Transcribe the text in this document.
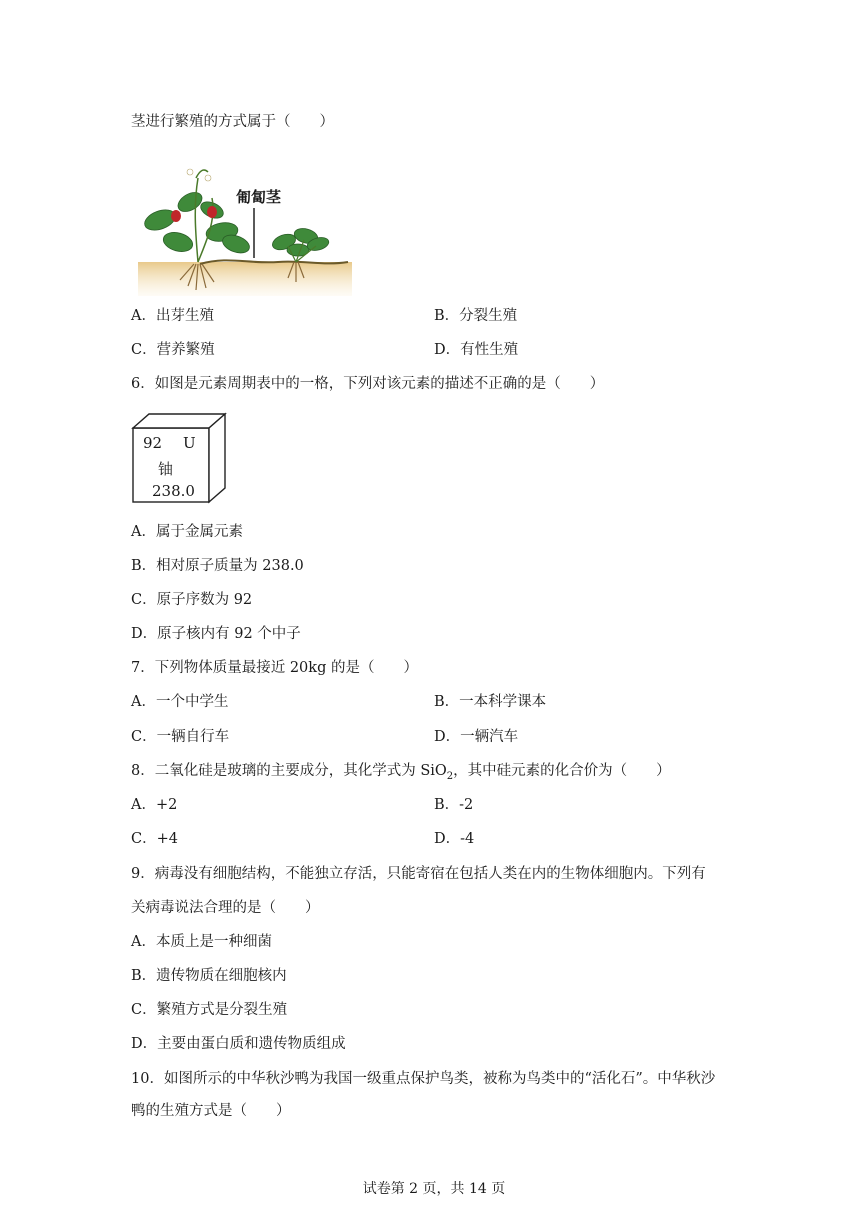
茎进行繁殖的方式属于（　　）
匍匐茎
A．出芽生殖	B．分裂生殖
C．营养繁殖	D．有性生殖
6．如图是元素周期表中的一格，下列对该元素的描述不正确的是（　　）
92 U
铀
238.0
A．属于金属元素
B．相对原子质量为 238.0
C．原子序数为 92
D．原子核内有 92 个中子
7．下列物体质量最接近 20kg 的是（　　）
A．一个中学生	B．一本科学课本
C．一辆自行车	D．一辆汽车
8．二氧化硅是玻璃的主要成分，其化学式为 SiO$_2$，其中硅元素的化合价为（　　）
A．+2	B．-2
C．+4	D．-4
9．病毒没有细胞结构，不能独立存活，只能寄宿在包括人类在内的生物体细胞内。下列有
关病毒说法合理的是（　　）
A．本质上是一种细菌
B．遗传物质在细胞核内
C．繁殖方式是分裂生殖
D．主要由蛋白质和遗传物质组成
10．如图所示的中华秋沙鸭为我国一级重点保护鸟类，被称为鸟类中的“活化石”。中华秋沙
鸭的生殖方式是（　　）
试卷第 2 页，共 14 页
